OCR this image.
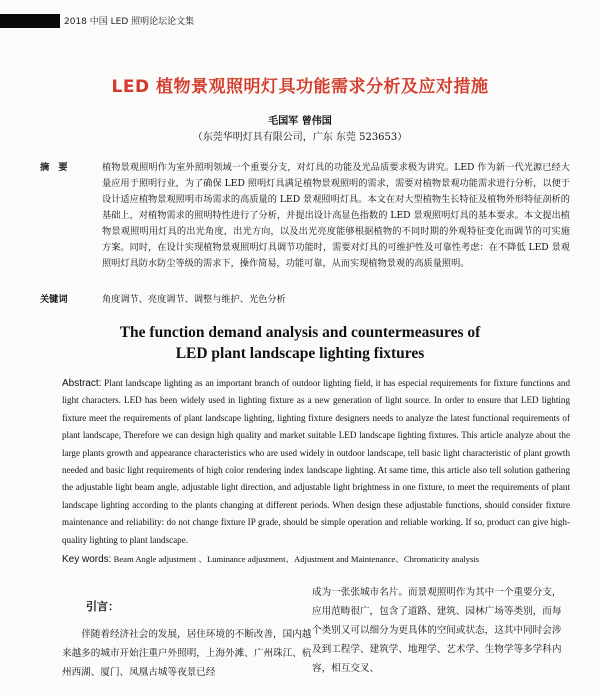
2018 中国 LED 照明论坛论文集
LED 植物景观照明灯具功能需求分析及应对措施
毛国军 曾伟国
（东莞华明灯具有限公司，广东 东莞 523653）
摘　要	植物景观照明作为室外照明领域一个重要分支，对灯具的功能及光品质要求极为讲究。LED 作为新一代光源已经大量应用于照明行业，为了确保 LED 照明灯具满足植物景观照明的需求，需要对植物景观功能需求进行分析，以便于设计适应植物景观照明市场需求的高质量的 LED 景观照明灯具。本文在对大型植物生长特征及植物外形特征剖析的基础上，对植物需求的照明特性进行了分析，并提出设计高显色指数的 LED 景观照明灯具的基本要求。本文提出植物景观照明用灯具的出光角度，出光方向，以及出光亮度能够根据植物的不同时期的外观特征变化而调节的可实施方案。同时，在设计实现植物景观照明灯具调节功能时，需要对灯具的可维护性及可靠性考虑：在不降低 LED 景观照明灯具防水防尘等级的需求下，操作简易，功能可靠，从而实现植物景观的高质量照明。
关键词	角度调节、亮度调节、调整与维护、光色分析
The function demand analysis and countermeasures of
LED plant landscape lighting fixtures
Abstract: Plant landscape lighting as an important branch of outdoor lighting field, it has especial requirements for fixture functions and light characters. LED has been widely used in lighting fixture as a new generation of light source. In order to ensure that LED lighting fixture meet the requirements of plant landscape lighting, lighting fixture designers needs to analyze the latest functional requirements of plant landscape, Therefore we can design high quality and market suitable LED landscape lighting fixtures. This article analyze about the large plants growth and appearance characteristics who are used widely in outdoor landscape, tell basic light characteristic of plant growth needed and basic light requirements of high color rendering index landscape lighting. At same time, this article also tell solution gathering the adjustable light beam angle, adjustable light direction, and adjustable light brightness in one fixture, to meet the requirements of plant landscape lighting according to the plants changing at different periods. When design these adjustable functions, should consider fixture maintenance and reliability: do not change fixture IP grade, should be simple operation and reliable working. If so, product can give high-quality lighting to plant landscape.
Key words: Beam Angle adjustment 、Luminance adjustment、Adjustment and Maintenance、Chromaticity analysis
引言：
伴随着经济社会的发展，居住环境的不断改善，国内越来越多的城市开始注重户外照明，上海外滩、广州珠江、杭州西湖、厦门、凤凰古城等夜景已经
成为一张张城市名片。而景观照明作为其中一个重要分支，应用范畴很广，包含了道路、建筑、园林广场等类别，而每个类别又可以细分为更具体的空间或状态，这其中同时会涉及到工程学、建筑学、地理学、艺术学、生物学等多学科内容，相互交叉、
